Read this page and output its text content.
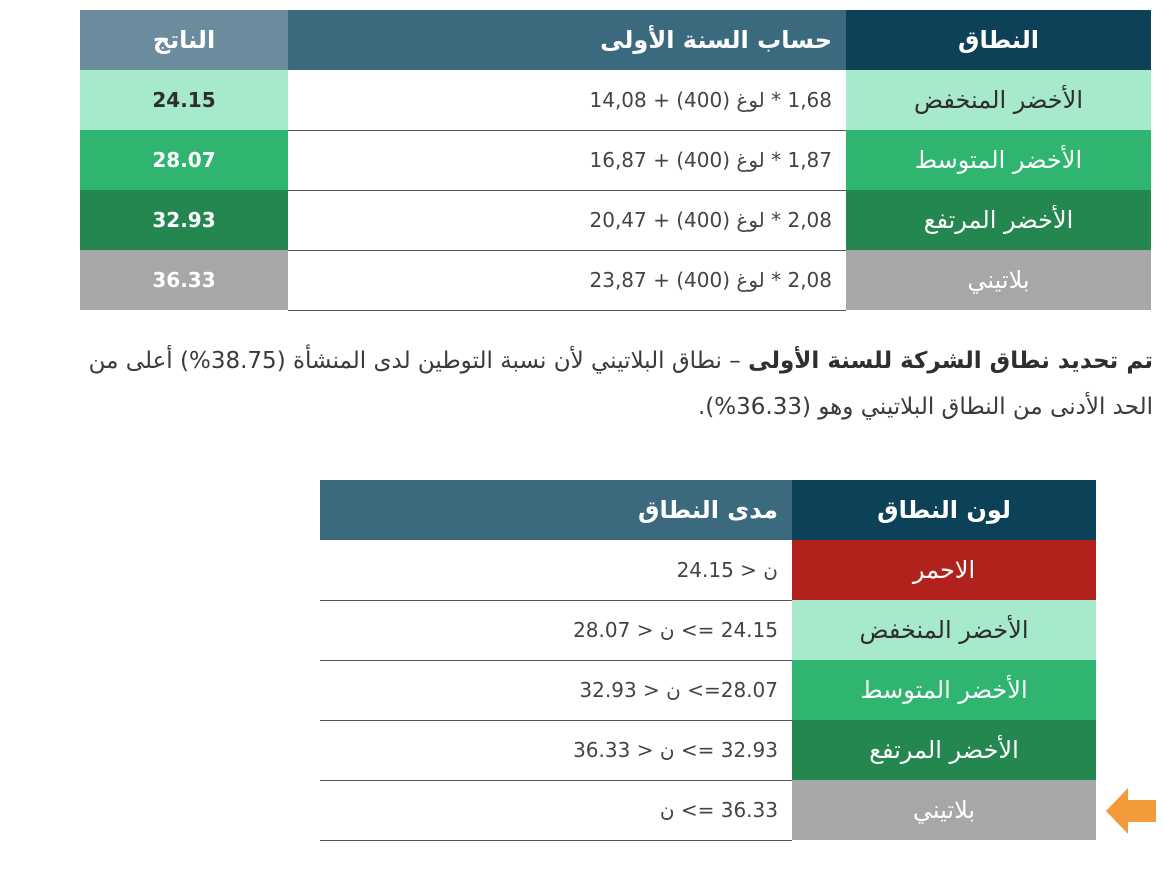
الناتج	حساب السنة الأولى	النطاق
24.15	1,68 * لوغ (400) + 14,08	الأخضر المنخفض
28.07	1,87 * لوغ (400) + 16,87	الأخضر المتوسط
32.93	2,08 * لوغ (400) + 20,47	الأخضر المرتفع
36.33	2,08 * لوغ (400) + 23,87	بلاتيني

تم تحديد نطاق الشركة للسنة الأولى – نطاق البلاتيني لأن نسبة التوطين لدى المنشأة (38.75%) أعلى من الحد الأدنى من النطاق البلاتيني وهو (36.33%).

مدى النطاق	لون النطاق
ن < 24.15	الاحمر
24.15 => ن < 28.07	الأخضر المنخفض
28.07=> ن < 32.93	الأخضر المتوسط
32.93 => ن < 36.33	الأخضر المرتفع
36.33 => ن	بلاتيني
